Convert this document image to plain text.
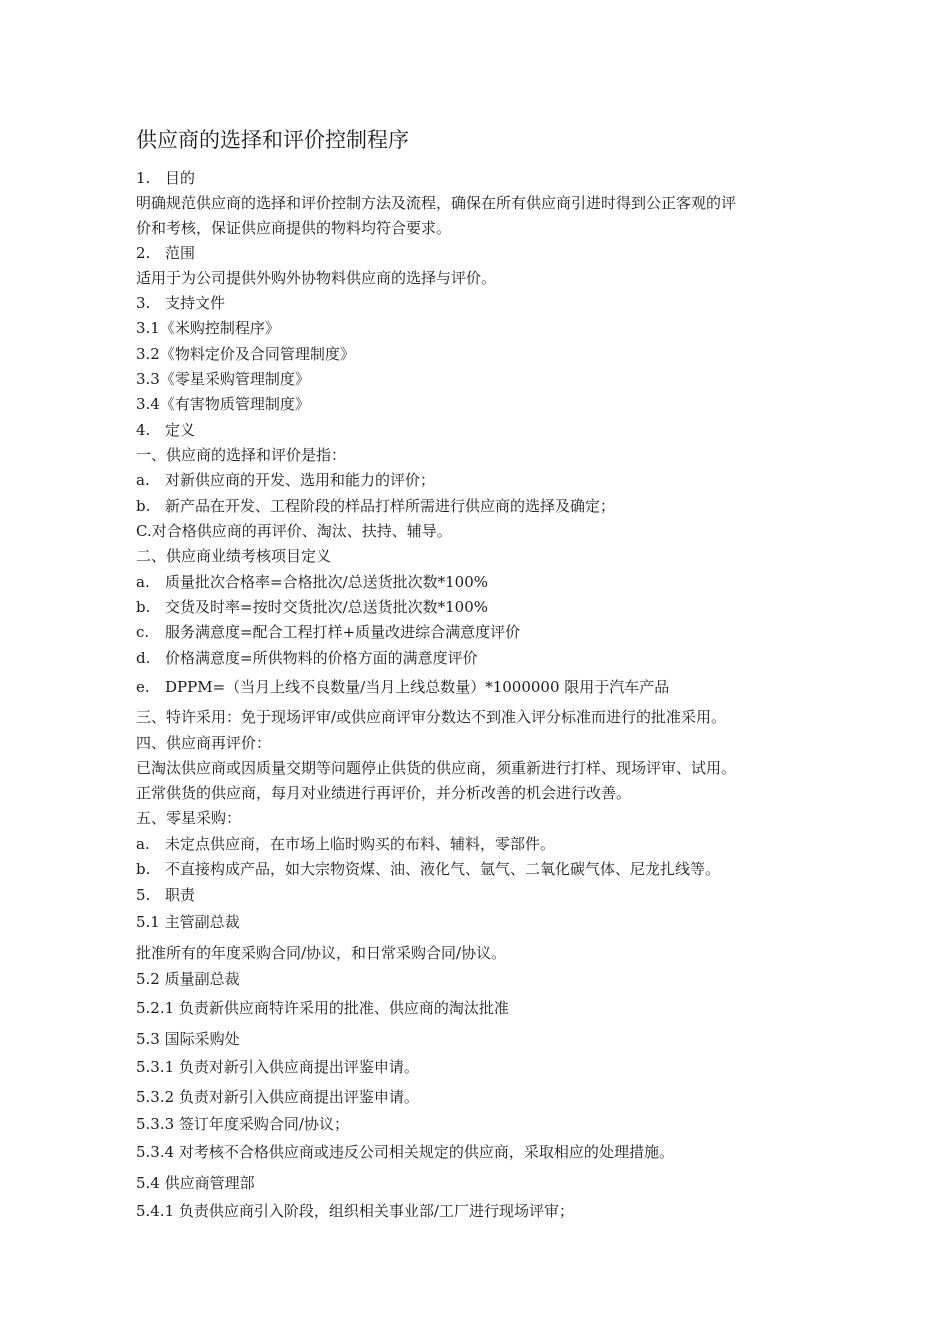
供应商的选择和评价控制程序
1. 目的
明确规范供应商的选择和评价控制方法及流程，确保在所有供应商引进时得到公正客观的评
价和考核，保证供应商提供的物料均符合要求。
2. 范围
适用于为公司提供外购外协物料供应商的选择与评价。
3. 支持文件
3.1《米购控制程序》
3.2《物料定价及合同管理制度》
3.3《零星采购管理制度》
3.4《有害物质管理制度》
4. 定义
一、供应商的选择和评价是指：
a. 对新供应商的开发、选用和能力的评价；
b. 新产品在开发、工程阶段的样品打样所需进行供应商的选择及确定；
C.对合格供应商的再评价、淘汰、扶持、辅导。
二、供应商业绩考核项目定义
a. 质量批次合格率=合格批次/总送货批次数*100%
b. 交货及时率=按时交货批次/总送货批次数*100%
c. 服务满意度=配合工程打样+质量改进综合满意度评价
d. 价格满意度=所供物料的价格方面的满意度评价
e. DPPM=（当月上线不良数量/当月上线总数量）*1000000 限用于汽车产品
三、特许采用：免于现场评审/或供应商评审分数达不到准入评分标准而进行的批准采用。
四、供应商再评价：
已淘汰供应商或因质量交期等问题停止供货的供应商，须重新进行打样、现场评审、试用。
正常供货的供应商，每月对业绩进行再评价，并分析改善的机会进行改善。
五、零星采购：
a. 未定点供应商，在市场上临时购买的布料、辅料，零部件。
b. 不直接构成产品，如大宗物资煤、油、液化气、氩气、二氧化碳气体、尼龙扎线等。
5. 职责
5.1 主管副总裁
批准所有的年度采购合同/协议，和日常采购合同/协议。
5.2 质量副总裁
5.2.1 负责新供应商特许采用的批准、供应商的淘汰批准
5.3 国际采购处
5.3.1 负责对新引入供应商提出评鉴申请。
5.3.2 负责对新引入供应商提出评鉴申请。
5.3.3 签订年度采购合同/协议；
5.3.4 对考核不合格供应商或违反公司相关规定的供应商，采取相应的处理措施。
5.4 供应商管理部
5.4.1 负责供应商引入阶段，组织相关事业部/工厂进行现场评审；
